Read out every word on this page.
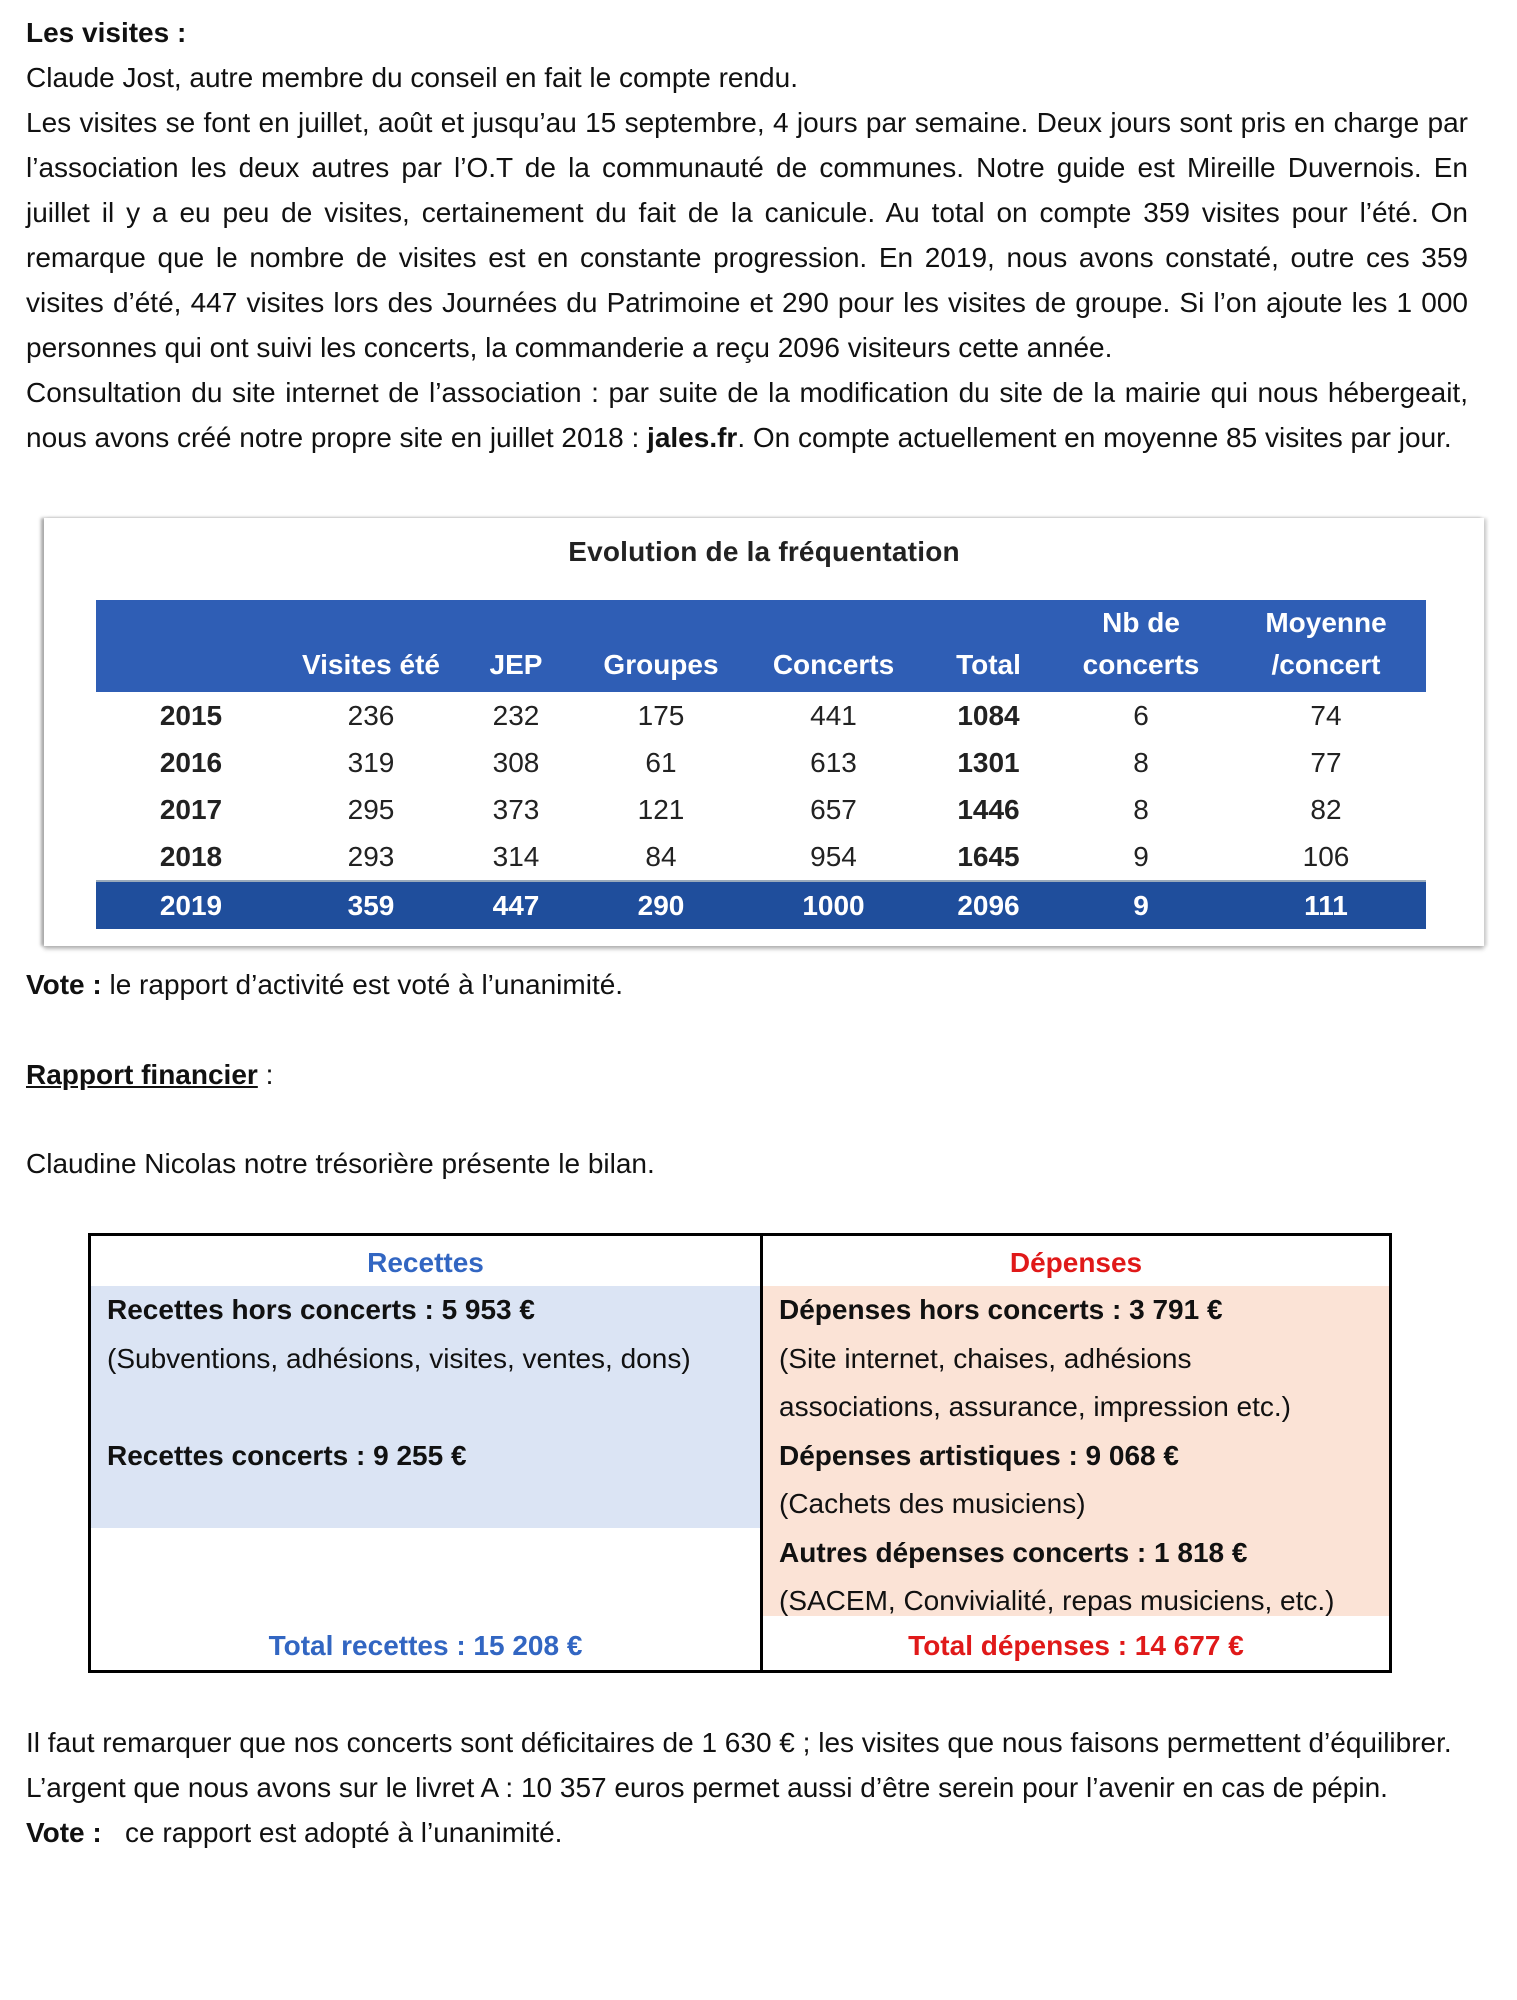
Les visites :

Claude Jost, autre membre du conseil en fait le compte rendu.

Les visites se font en juillet, août et jusqu’au 15 septembre, 4 jours par semaine. Deux jours sont pris en charge par l’association les deux autres par l’O.T de la communauté de communes. Notre guide est Mireille Duvernois. En juillet il y a eu peu de visites, certainement du fait de la canicule. Au total on compte 359 visites pour l’été. On remarque que le nombre de visites est en constante progression. En 2019, nous avons constaté, outre ces 359 visites d’été, 447 visites lors des Journées du Patrimoine et 290 pour les visites de groupe. Si l’on ajoute les 1 000 personnes qui ont suivi les concerts, la commanderie a reçu 2096 visiteurs cette année.

Consultation du site internet de l’association : par suite de la modification du site de la mairie qui nous hébergeait, nous avons créé notre propre site en juillet 2018 : jales.fr. On compte actuellement en moyenne 85 visites par jour.

Evolution de la fréquentation
	Visites été	JEP	Groupes	Concerts	Total	Nb de concerts	Moyenne /concert
2015	236	232	175	441	1084	6	74
2016	319	308	61	613	1301	8	77
2017	295	373	121	657	1446	8	82
2018	293	314	84	954	1645	9	106
2019	359	447	290	1000	2096	9	111

Vote : le rapport d’activité est voté à l’unanimité.

Rapport financier :

Claudine Nicolas notre trésorière présente le bilan.

Recettes
Recettes hors concerts : 5 953 €
(Subventions, adhésions, visites, ventes, dons)

Recettes concerts : 9 255 €
Total recettes : 15 208 €
Dépenses
Dépenses hors concerts : 3 791 €
(Site internet, chaises, adhésions
associations, assurance, impression etc.)
Dépenses artistiques : 9 068 €
(Cachets des musiciens)
Autres dépenses concerts : 1 818 €
(SACEM, Convivialité, repas musiciens, etc.)
Total dépenses : 14 677 €

Il faut remarquer que nos concerts sont déficitaires de 1 630 € ; les visites que nous faisons permettent d’équilibrer.

L’argent que nous avons sur le livret A : 10 357 euros permet aussi d’être serein pour l’avenir en cas de pépin.

Vote :   ce rapport est adopté à l’unanimité.
